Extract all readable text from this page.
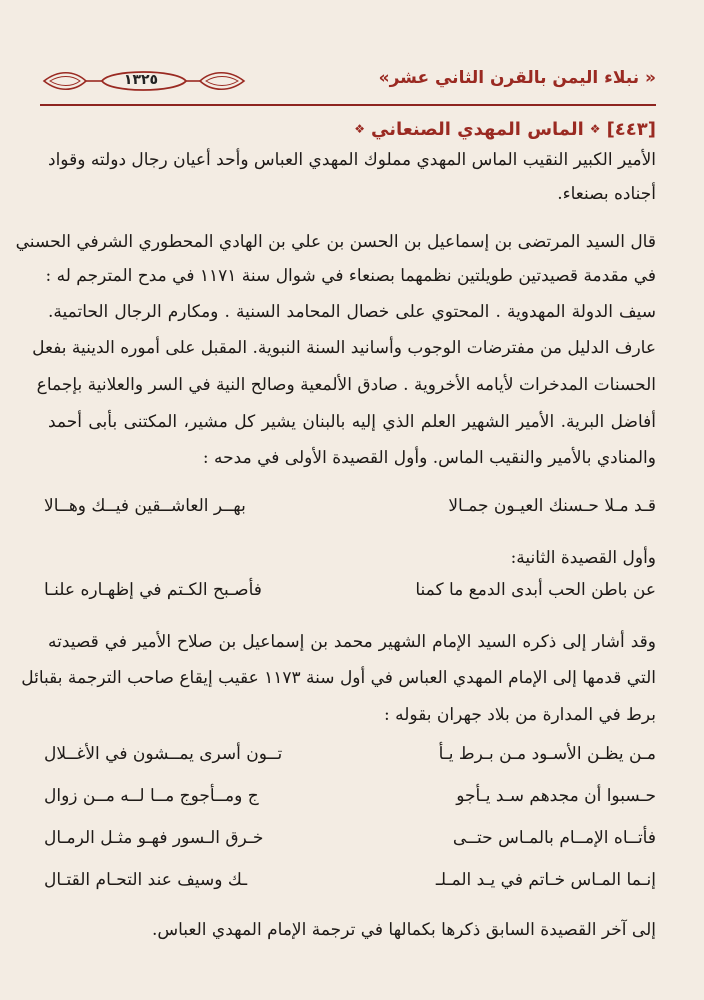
« نبلاء اليمن بالقرن الثاني عشر»
١٣٢٥
[٤٤٣]
❖
الماس المهدي الصنعاني
❖
الأمير الكبير النقيب الماس المهدي مملوك المهدي العباس وأحد أعيان رجال دولته وقواد
أجناده بصنعاء.
قال السيد المرتضى بن إسماعيل بن الحسن بن علي بن الهادي المحطوري الشرفي الحسني
في مقدمة قصيدتين طويلتين نظمهما بصنعاء في شوال سنة ١١٧١ في مدح المترجم له :
سيف الدولة المهدوية . المحتوي على خصال المحامد السنية . ومكارم الرجال الحاتمية.
عارف الدليل من مفترضات الوجوب وأسانيد السنة النبوية. المقبل على أموره الدينية بفعل
الحسنات المدخرات لأيامه الأخروية . صادق الألمعية وصالح النية في السر والعلانية بإجماع
أفاضل البرية. الأمير الشهير العلم الذي إليه بالبنان يشير كل مشير، المكتنى بأبى أحمد
والمنادي بالأمير والنقيب الماس. وأول القصيدة الأولى في مدحه :
قـد مـلا حـسنك العيـون جمـالا
بهــر العاشــقين فيــك وهــالا
وأول القصيدة الثانية:
عن باطن الحب أبدى الدمع ما كمنا
فأصـبح الكـتم في إظهـاره علنـا
وقد أشار إلى ذكره السيد الإمام الشهير محمد بن إسماعيل بن صلاح الأمير في قصيدته
التي قدمها إلى الإمام المهدي العباس في أول سنة ١١٧٣ عقيب إيقاع صاحب الترجمة بقبائل
برط في المدارة من بلاد جهران بقوله :
مـن يظـن الأسـود مـن بـرط يـأ
تــون أسرى يمــشون في الأغــلال
حـسبوا أن مجدهم سـد يـأجو
ج ومــأجوج مــا لــه مــن زوال
فأتــاه الإمــام بالمـاس حتــى
خـرق الـسور فهـو مثـل الرمـال
إنـما المـاس خـاتم في يـد المـلـ
ـك وسيف عند التحـام القتـال
إلى آخر القصيدة السابق ذكرها بكمالها في ترجمة الإمام المهدي العباس.
